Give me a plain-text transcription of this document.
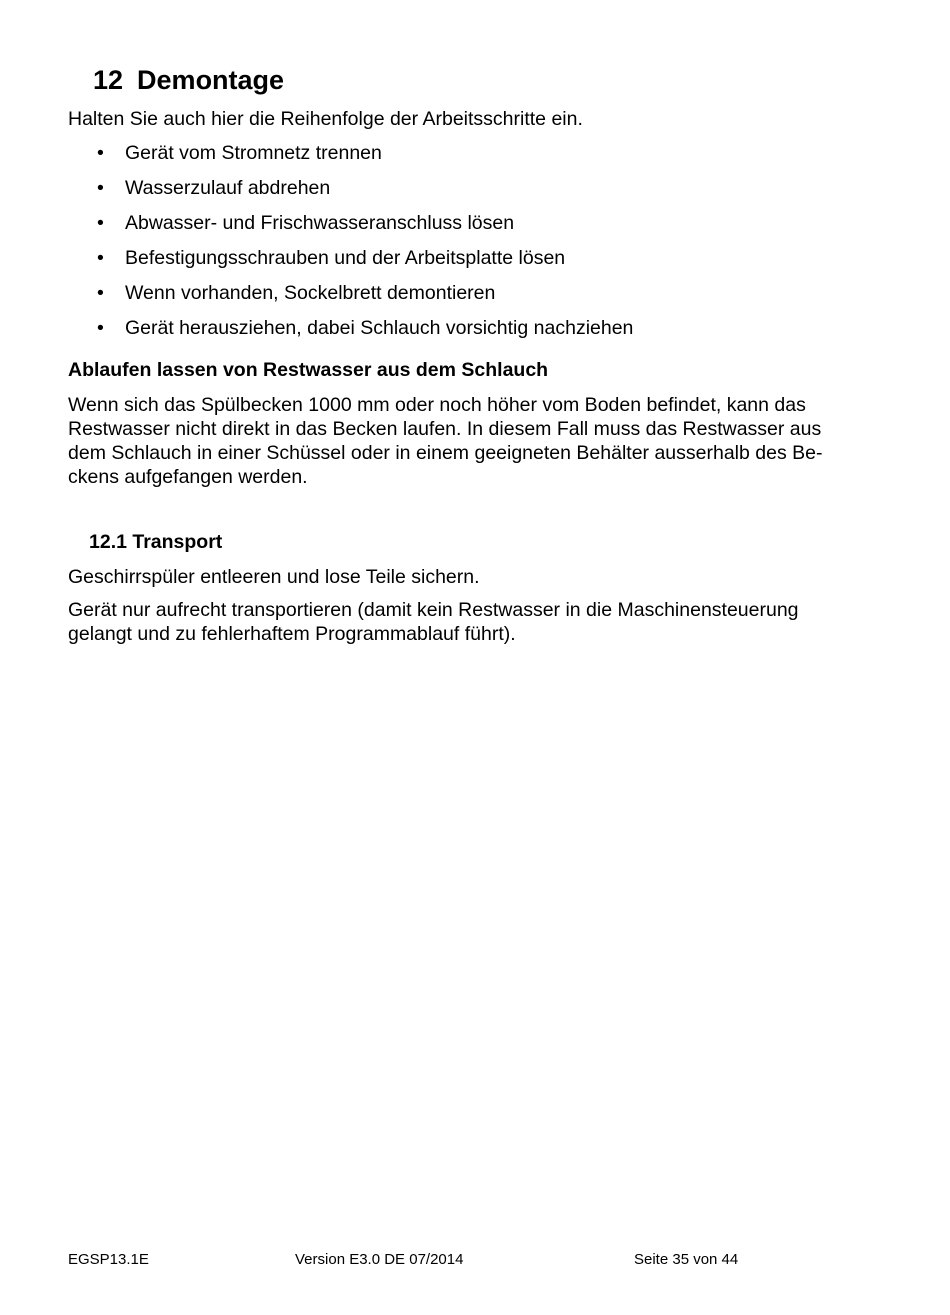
12 Demontage
Halten Sie auch hier die Reihenfolge der Arbeitsschritte ein.
• Gerät vom Stromnetz trennen
• Wasserzulauf abdrehen
• Abwasser- und Frischwasseranschluss lösen
• Befestigungsschrauben und der Arbeitsplatte lösen
• Wenn vorhanden, Sockelbrett demontieren
• Gerät herausziehen, dabei Schlauch vorsichtig nachziehen
Ablaufen lassen von Restwasser aus dem Schlauch
Wenn sich das Spülbecken 1000 mm oder noch höher vom Boden befindet, kann das
Restwasser nicht direkt in das Becken laufen. In diesem Fall muss das Restwasser aus
dem Schlauch in einer Schüssel oder in einem geeigneten Behälter ausserhalb des Be-
ckens aufgefangen werden.
12.1 Transport
Geschirrspüler entleeren und lose Teile sichern.
Gerät nur aufrecht transportieren (damit kein Restwasser in die Maschinensteuerung
gelangt und zu fehlerhaftem Programmablauf führt).
EGSP13.1E	Version E3.0 DE 07/2014	Seite 35 von 44
